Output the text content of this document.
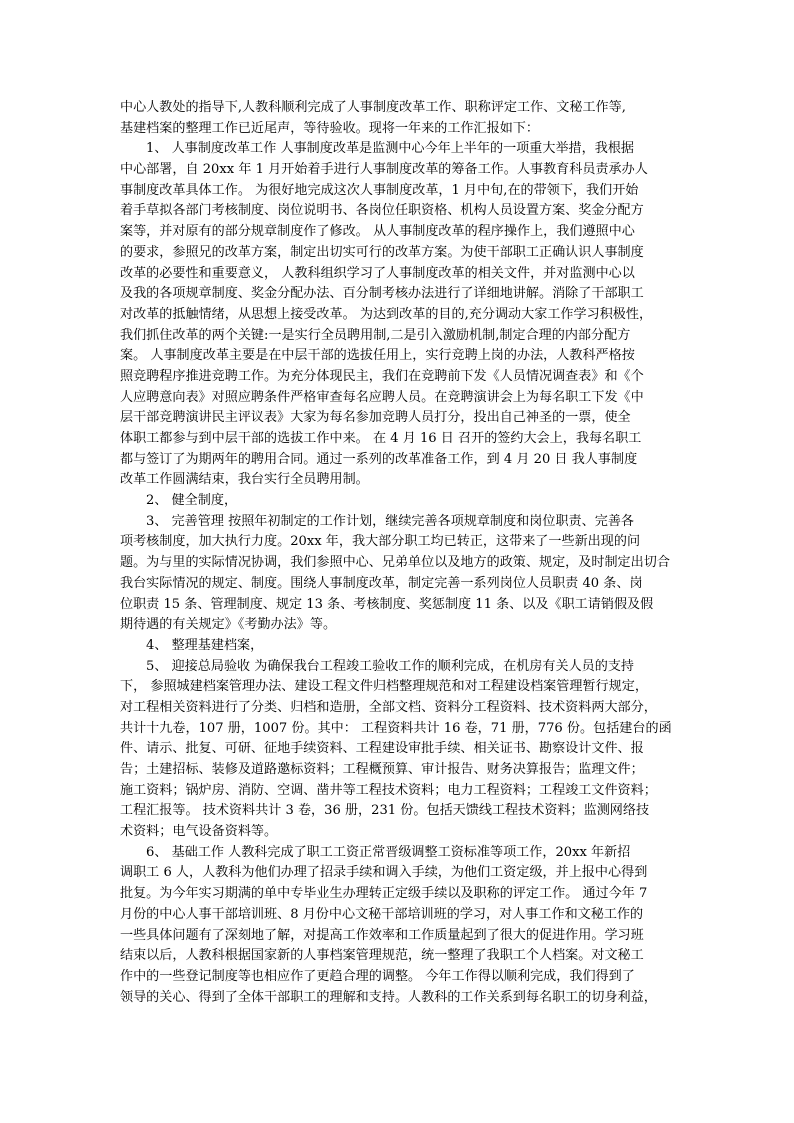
中心人教处的指导下,人教科顺利完成了人事制度改革工作、职称评定工作、文秘工作等,
基建档案的整理工作已近尾声，等待验收。现将一年来的工作汇报如下：
1、 人事制度改革工作 人事制度改革是监测中心今年上半年的一项重大举措，我根据
中心部署，自 20xx 年 1 月开始着手进行人事制度改革的筹备工作。人事教育科员责承办人
事制度改革具体工作。 为很好地完成这次人事制度改革，1 月中旬,在的带领下，我们开始
着手草拟各部门考核制度、岗位说明书、各岗位任职资格、机构人员设置方案、奖金分配方
案等，并对原有的部分规章制度作了修改。 从人事制度改革的程序操作上，我们遵照中心
的要求，参照兄的改革方案，制定出切实可行的改革方案。为使干部职工正确认识人事制度
改革的必要性和重要意义， 人教科组织学习了人事制度改革的相关文件，并对监测中心以
及我的各项规章制度、奖金分配办法、百分制考核办法进行了详细地讲解。消除了干部职工
对改革的抵触情绪，从思想上接受改革。 为达到改革的目的,充分调动大家工作学习积极性，
我们抓住改革的两个关键:一是实行全员聘用制,二是引入激励机制,制定合理的内部分配方
案。 人事制度改革主要是在中层干部的选拔任用上，实行竞聘上岗的办法，人教科严格按
照竞聘程序推进竞聘工作。为充分体现民主，我们在竞聘前下发《人员情况调查表》和《个
人应聘意向表》对照应聘条件严格审查每名应聘人员。在竞聘演讲会上为每名职工下发《中
层干部竞聘演讲民主评议表》大家为每名参加竞聘人员打分，投出自己神圣的一票，使全
体职工都参与到中层干部的选拔工作中来。 在 4 月 16 日 召开的签约大会上，我每名职工
都与签订了为期两年的聘用合同。通过一系列的改革准备工作，到 4 月 20 日 我人事制度
改革工作圆满结束，我台实行全员聘用制。
2、 健全制度，
3、 完善管理 按照年初制定的工作计划，继续完善各项规章制度和岗位职责、完善各
项考核制度，加大执行力度。20xx 年，我大部分职工均已转正，这带来了一些新出现的问
题。为与里的实际情况协调，我们参照中心、兄弟单位以及地方的政策、规定，及时制定出切合
我台实际情况的规定、制度。围绕人事制度改革，制定完善一系列岗位人员职责 40 条、岗
位职责 15 条、管理制度、规定 13 条、考核制度、奖惩制度 11 条、以及《职工请销假及假
期待遇的有关规定》《考勤办法》等。
4、 整理基建档案，
5、 迎接总局验收 为确保我台工程竣工验收工作的顺利完成，在机房有关人员的支持
下， 参照城建档案管理办法、建设工程文件归档整理规范和对工程建设档案管理暂行规定，
对工程相关资料进行了分类、归档和造册，全部文档、资料分工程资料、技术资料两大部分，
共计十九卷，107 册，1007 份。其中： 工程资料共计 16 卷，71 册，776 份。包括建台的函
件、请示、批复、可研、征地手续资料、工程建设审批手续、相关证书、勘察设计文件、报
告；土建招标、装修及道路邀标资料；工程概预算、审计报告、财务决算报告；监理文件；
施工资料；锅炉房、消防、空调、凿井等工程技术资料；电力工程资料；工程竣工文件资料；
工程汇报等。 技术资料共计 3 卷，36 册，231 份。包括天馈线工程技术资料；监测网络技
术资料；电气设备资料等。
6、 基础工作 人教科完成了职工工资正常晋级调整工资标准等项工作，20xx 年新招
调职工 6 人，人教科为他们办理了招录手续和调入手续，为他们工资定级，并上报中心得到
批复。为今年实习期满的单中专毕业生办理转正定级手续以及职称的评定工作。 通过今年 7
月份的中心人事干部培训班、8 月份中心文秘干部培训班的学习，对人事工作和文秘工作的
一些具体问题有了深刻地了解，对提高工作效率和工作质量起到了很大的促进作用。学习班
结束以后，人教科根据国家新的人事档案管理规范，统一整理了我职工个人档案。对文秘工
作中的一些登记制度等也相应作了更趋合理的调整。 今年工作得以顺利完成，我们得到了
领导的关心、得到了全体干部职工的理解和支持。人教科的工作关系到每名职工的切身利益，
